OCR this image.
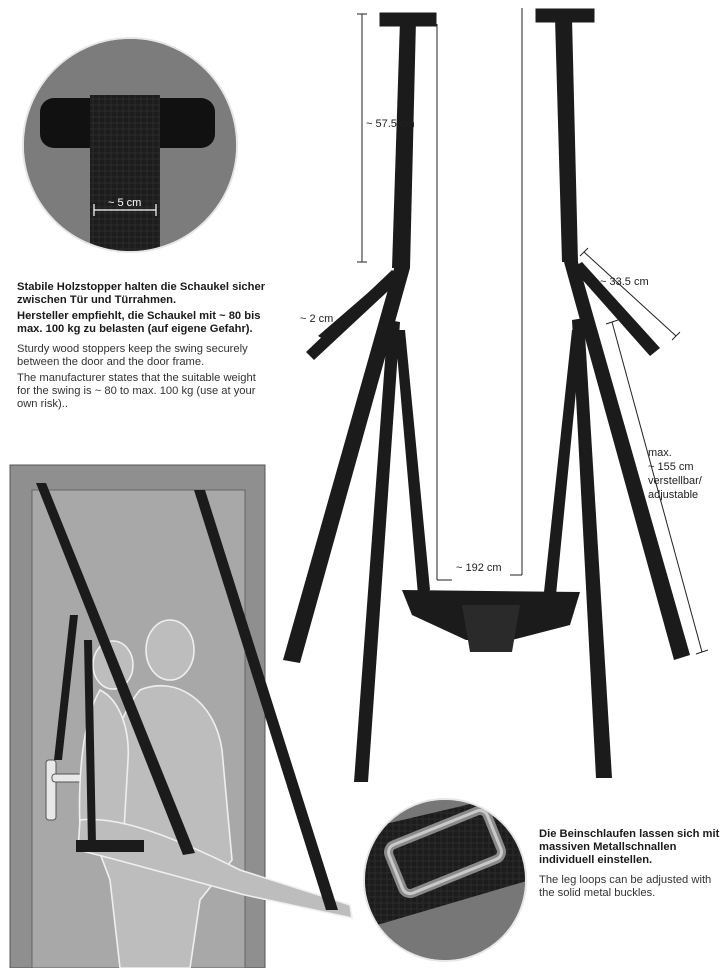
~ 5 cm
~ 57.5 cm
~ 2 cm
~ 33.5 cm
max.
~ 155 cm
verstellbar/
adjustable
~ 192 cm
Stabile Holzstopper halten die Schaukel sicher zwischen Tür und Türrahmen.
Hersteller empfiehlt, die Schaukel mit ~ 80 bis max. 100 kg zu belasten (auf eigene Gefahr).
Sturdy wood stoppers keep the swing securely between the door and the door frame.
The manufacturer states that the suitable weight for the swing is ~ 80 to max. 100 kg (use at your own risk)..
Die Beinschlaufen lassen sich mit massiven Metallschnallen individuell einstellen.
The leg loops can be adjusted with the solid metal buckles.
